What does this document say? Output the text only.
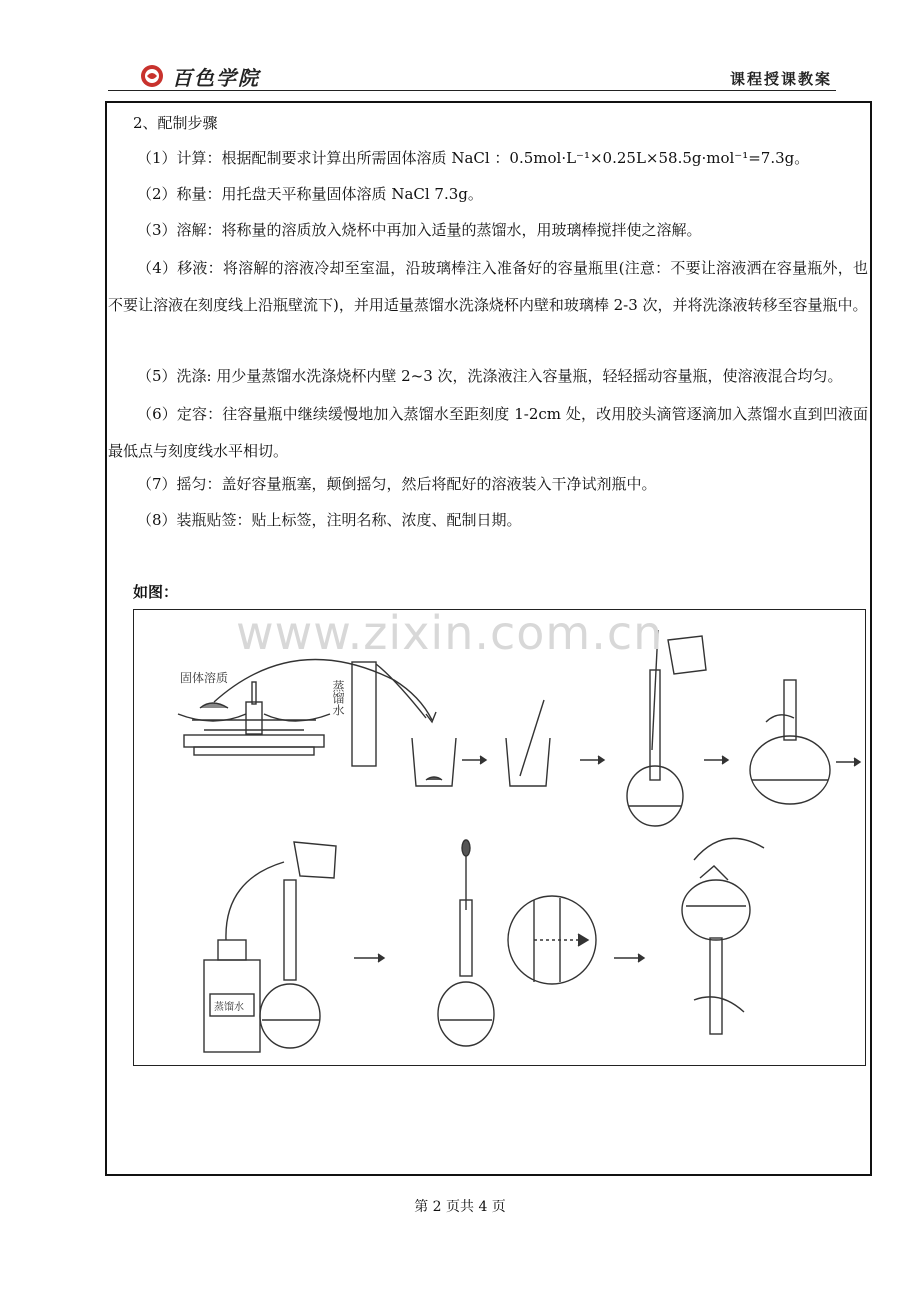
百色学院	课程授课教案
2、配制步骤
（1）计算：根据配制要求计算出所需固体溶质 NaCl ：0.5mol·L⁻¹×0.25L×58.5g·mol⁻¹=7.3g。
（2）称量：用托盘天平称量固体溶质 NaCl 7.3g。
（3）溶解：将称量的溶质放入烧杯中再加入适量的蒸馏水，用玻璃棒搅拌使之溶解。
（4）移液：将溶解的溶液冷却至室温，沿玻璃棒注入准备好的容量瓶里(注意：不要让溶液洒在容量瓶外，也不要让溶液在刻度线上沿瓶壁流下)，并用适量蒸馏水洗涤烧杯内壁和玻璃棒 2-3 次，并将洗涤液转移至容量瓶中。
（5）洗涤: 用少量蒸馏水洗涤烧杯内壁 2~3 次，洗涤液注入容量瓶，轻轻摇动容量瓶，使溶液混合均匀。
（6）定容：往容量瓶中继续缓慢地加入蒸馏水至距刻度 1-2cm 处，改用胶头滴管逐滴加入蒸馏水直到凹液面最低点与刻度线水平相切。
（7）摇匀：盖好容量瓶塞，颠倒摇匀，然后将配好的溶液装入干净试剂瓶中。
（8）装瓶贴签：贴上标签，注明名称、浓度、配制日期。
如图：
固体溶质
蒸馏水
蒸馏水
www.zixin.com.cn
第 2 页共 4 页
